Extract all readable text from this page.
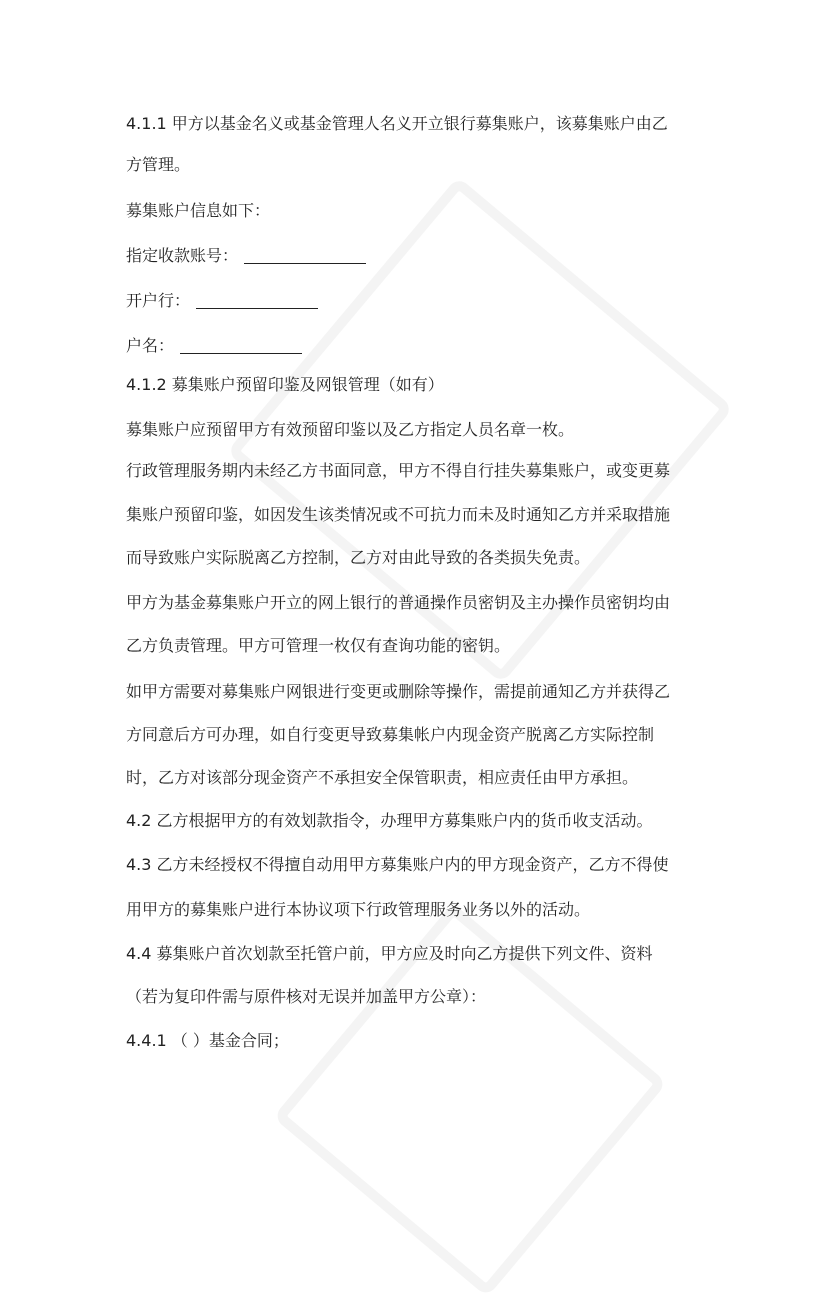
4.1.1 甲方以基金名义或基金管理人名义开立银行募集账户，该募集账户由乙
方管理。
募集账户信息如下：
指定收款账号：
开户行：
户名：
4.1.2 募集账户预留印鉴及网银管理（如有）
募集账户应预留甲方有效预留印鉴以及乙方指定人员名章一枚。
行政管理服务期内未经乙方书面同意，甲方不得自行挂失募集账户，或变更募
集账户预留印鉴，如因发生该类情况或不可抗力而未及时通知乙方并采取措施
而导致账户实际脱离乙方控制，乙方对由此导致的各类损失免责。
甲方为基金募集账户开立的网上银行的普通操作员密钥及主办操作员密钥均由
乙方负责管理。甲方可管理一枚仅有查询功能的密钥。
如甲方需要对募集账户网银进行变更或删除等操作，需提前通知乙方并获得乙
方同意后方可办理，如自行变更导致募集帐户内现金资产脱离乙方实际控制
时，乙方对该部分现金资产不承担安全保管职责，相应责任由甲方承担。
4.2 乙方根据甲方的有效划款指令，办理甲方募集账户内的货币收支活动。
4.3 乙方未经授权不得擅自动用甲方募集账户内的甲方现金资产，乙方不得使
用甲方的募集账户进行本协议项下行政管理服务业务以外的活动。
4.4 募集账户首次划款至托管户前，甲方应及时向乙方提供下列文件、资料
（若为复印件需与原件核对无误并加盖甲方公章）：
4.4.1 （ ）基金合同；
